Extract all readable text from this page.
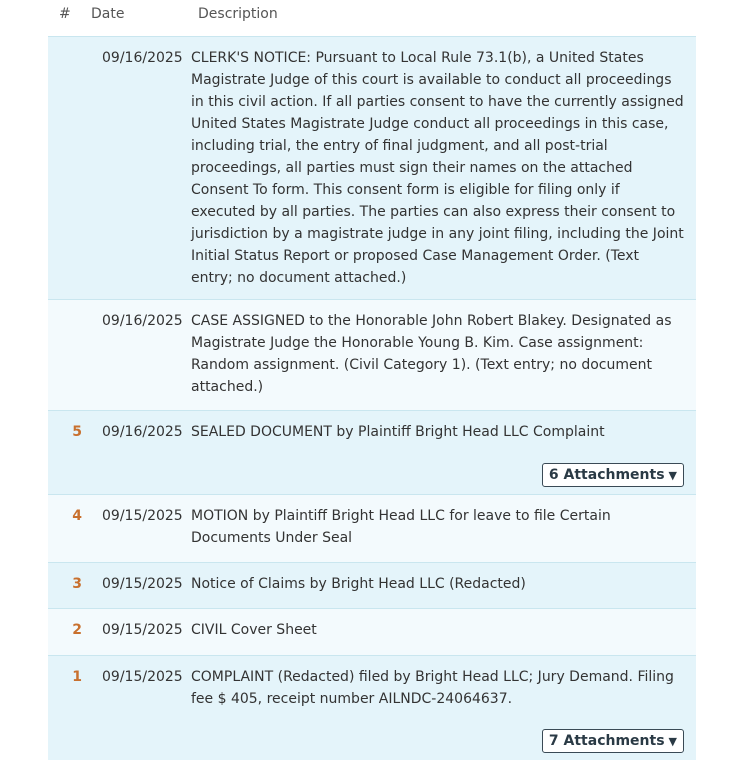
# Date	Description
09/16/2025 CLERK'S NOTICE: Pursuant to Local Rule 73.1(b), a United States Magistrate Judge of this court is available to conduct all proceedings in this civil action. If all parties consent to have the currently assigned United States Magistrate Judge conduct all proceedings in this case, including trial, the entry of final judgment, and all post-trial proceedings, all parties must sign their names on the attached Consent To form. This consent form is eligible for filing only if executed by all parties. The parties can also express their consent to jurisdiction by a magistrate judge in any joint filing, including the Joint Initial Status Report or proposed Case Management Order. (Text entry; no document attached.)
09/16/2025 CASE ASSIGNED to the Honorable John Robert Blakey. Designated as Magistrate Judge the Honorable Young B. Kim. Case assignment: Random assignment. (Civil Category 1). (Text entry; no document attached.)
5 09/16/2025 SEALED DOCUMENT by Plaintiff Bright Head LLC Complaint
6 Attachments ▼
4 09/15/2025 MOTION by Plaintiff Bright Head LLC for leave to file Certain Documents Under Seal
3 09/15/2025 Notice of Claims by Bright Head LLC (Redacted)
2 09/15/2025 CIVIL Cover Sheet
1 09/15/2025 COMPLAINT (Redacted) filed by Bright Head LLC; Jury Demand. Filing fee $ 405, receipt number AILNDC-24064637.
7 Attachments ▼
